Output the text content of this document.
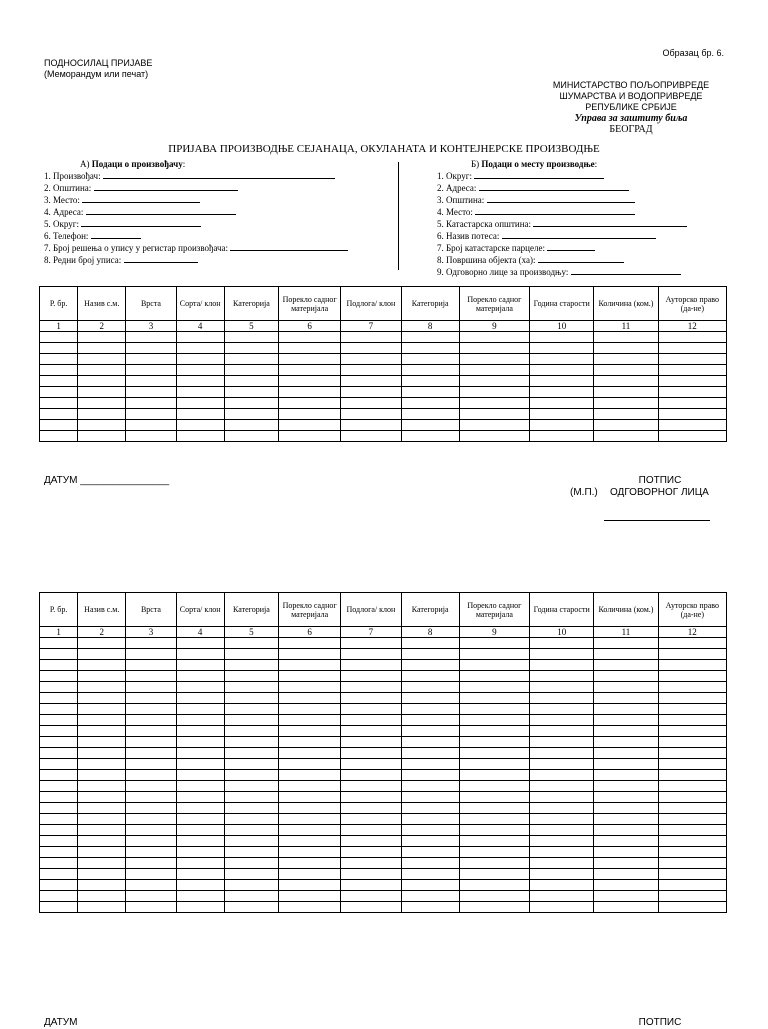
Образац бр. 6.
ПОДНОСИЛАЦ ПРИЈАВЕ
(Меморандум или печат)
МИНИСТАРСТВО ПОЉОПРИВРЕДЕ
ШУМАРСТВА И ВОДОПРИВРЕДЕ
РЕПУБЛИКЕ СРБИЈЕ
Управа за заштиту биља
БЕОГРАД
ПРИЈАВА ПРОИЗВОДЊЕ СЕЈАНАЦА, ОКУЛАНАТА И КОНТЕЈНЕРСКЕ ПРОИЗВОДЊЕ
А) Подаци о произвођачу:
1. Произвођач:
2. Општина:
3. Место:
4. Адреса:
5. Округ:
6. Телефон:
7. Број решења о упису у регистар произвођача:
8. Редни број уписа:
Б) Подаци о месту производње:
1. Округ:
2. Адреса:
3. Општина:
4. Место:
5. Катастарска општина:
6. Назив потеса:
7. Број катастарске парцеле:
8. Површина објекта (ха):
9. Одговорно лице за производњу:
Р. бр.	Назив с.м.	Врста	Сорта/ клон	Категорија	Порекло садног материјала	Подлога/ клон	Категорија	Порекло садног материјала	Година старости	Количина (ком.)	Ауторско право (да-не)
1	2	3	4	5	6	7	8	9	10	11	12

ДАТУМ ________________	ПОТПИС
(М.П.) ОДГОВОРНОГ ЛИЦА
Р. бр.	Назив с.м.	Врста	Сорта/ клон	Категорија	Порекло садног материјала	Подлога/ клон	Категорија	Порекло садног материјала	Година старости	Количина (ком.)	Ауторско право (да-не)
1	2	3	4	5	6	7	8	9	10	11	12

ДАТУМ	ПОТПИС
